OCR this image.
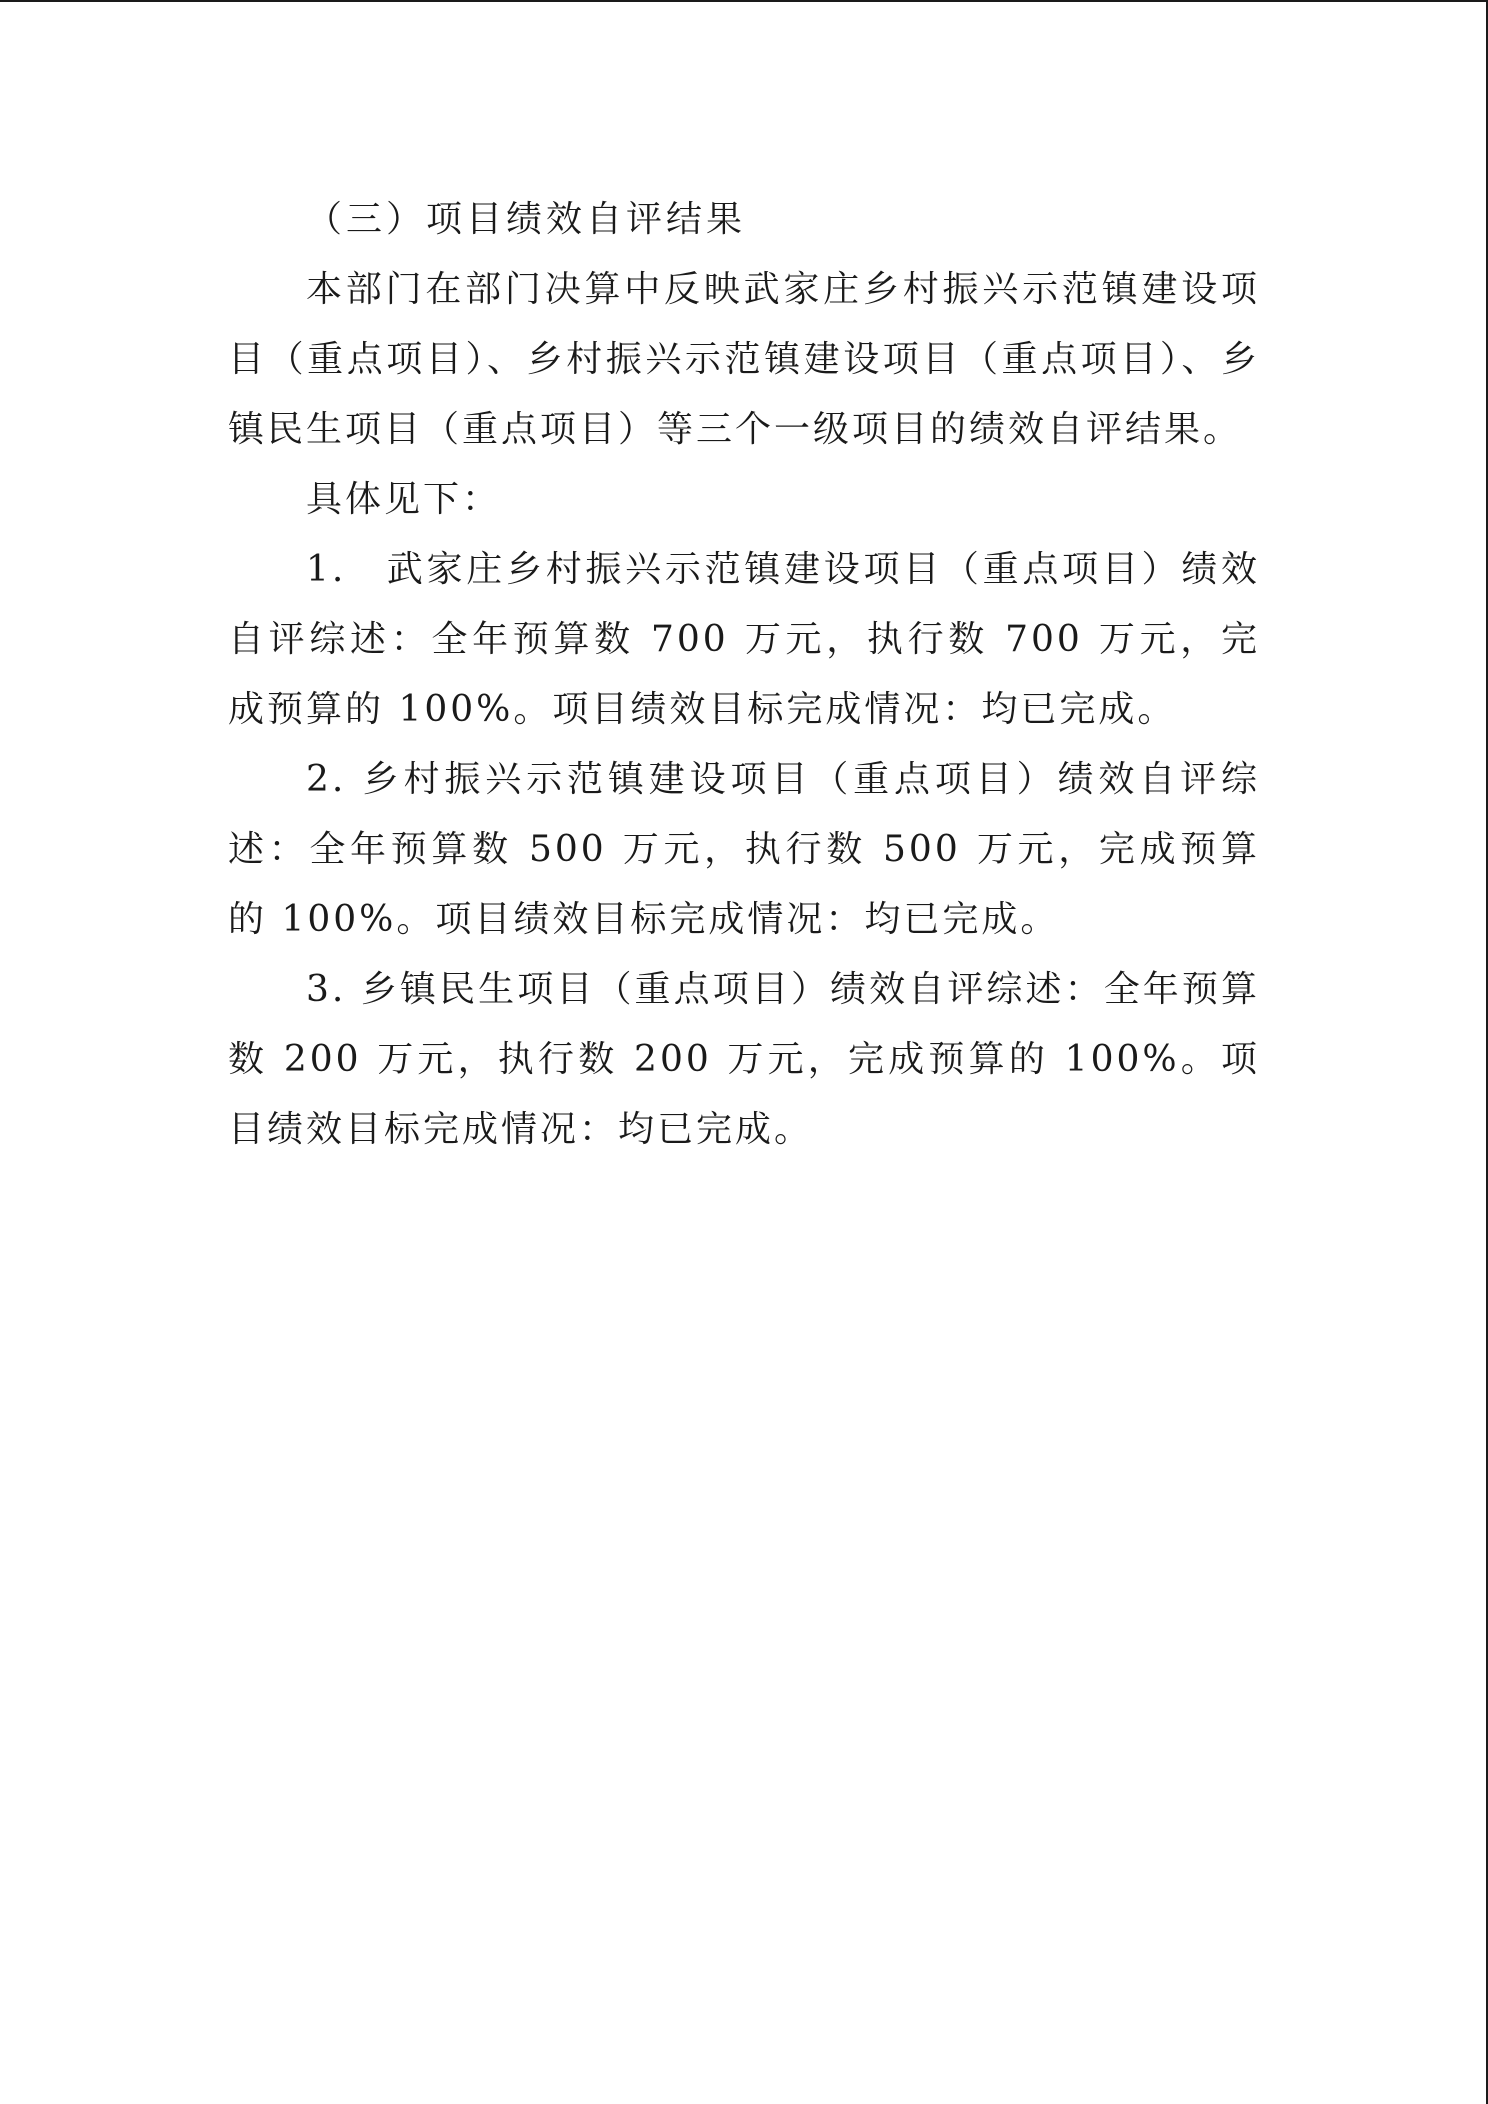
（三）项目绩效自评结果

本部门在部门决算中反映武家庄乡村振兴示范镇建设项目（重点项目）、乡村振兴示范镇建设项目（重点项目）、乡镇民生项目（重点项目）等三个一级项目的绩效自评结果。

具体见下：

1.　武家庄乡村振兴示范镇建设项目（重点项目）绩效自评综述：全年预算数 700 万元，执行数 700 万元，完成预算的 100%。项目绩效目标完成情况：均已完成。

2. 乡村振兴示范镇建设项目（重点项目）绩效自评综述：全年预算数 500 万元，执行数 500 万元，完成预算的 100%。项目绩效目标完成情况：均已完成。

3. 乡镇民生项目（重点项目）绩效自评综述：全年预算数 200 万元，执行数 200 万元，完成预算的 100%。项目绩效目标完成情况：均已完成。
